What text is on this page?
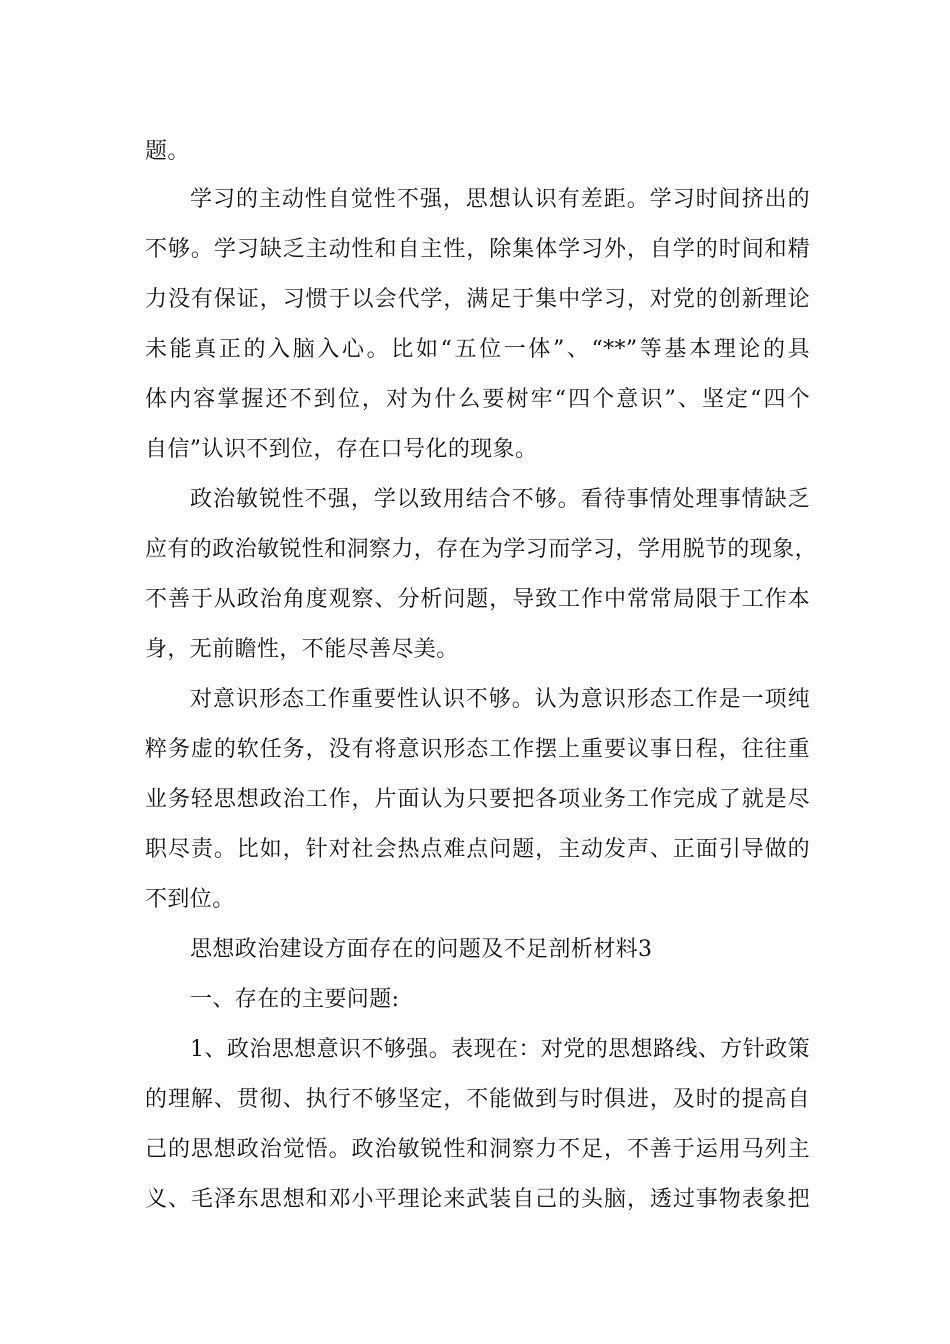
题。
学习的主动性自觉性不强，思想认识有差距。学习时间挤出的
不够。学习缺乏主动性和自主性，除集体学习外，自学的时间和精
力没有保证，习惯于以会代学，满足于集中学习，对党的创新理论
未能真正的入脑入心。比如“五位一体”、“**”等基本理论的具
体内容掌握还不到位，对为什么要树牢“四个意识”、坚定“四个
自信”认识不到位，存在口号化的现象。
政治敏锐性不强，学以致用结合不够。看待事情处理事情缺乏
应有的政治敏锐性和洞察力，存在为学习而学习，学用脱节的现象，
不善于从政治角度观察、分析问题，导致工作中常常局限于工作本
身，无前瞻性，不能尽善尽美。
对意识形态工作重要性认识不够。认为意识形态工作是一项纯
粹务虚的软任务，没有将意识形态工作摆上重要议事日程，往往重
业务轻思想政治工作，片面认为只要把各项业务工作完成了就是尽
职尽责。比如，针对社会热点难点问题，主动发声、正面引导做的
不到位。
思想政治建设方面存在的问题及不足剖析材料3
一、存在的主要问题:
1、政治思想意识不够强。表现在：对党的思想路线、方针政策
的理解、贯彻、执行不够坚定，不能做到与时俱进，及时的提高自
己的思想政治觉悟。政治敏锐性和洞察力不足，不善于运用马列主
义、毛泽东思想和邓小平理论来武装自己的头脑，透过事物表象把
